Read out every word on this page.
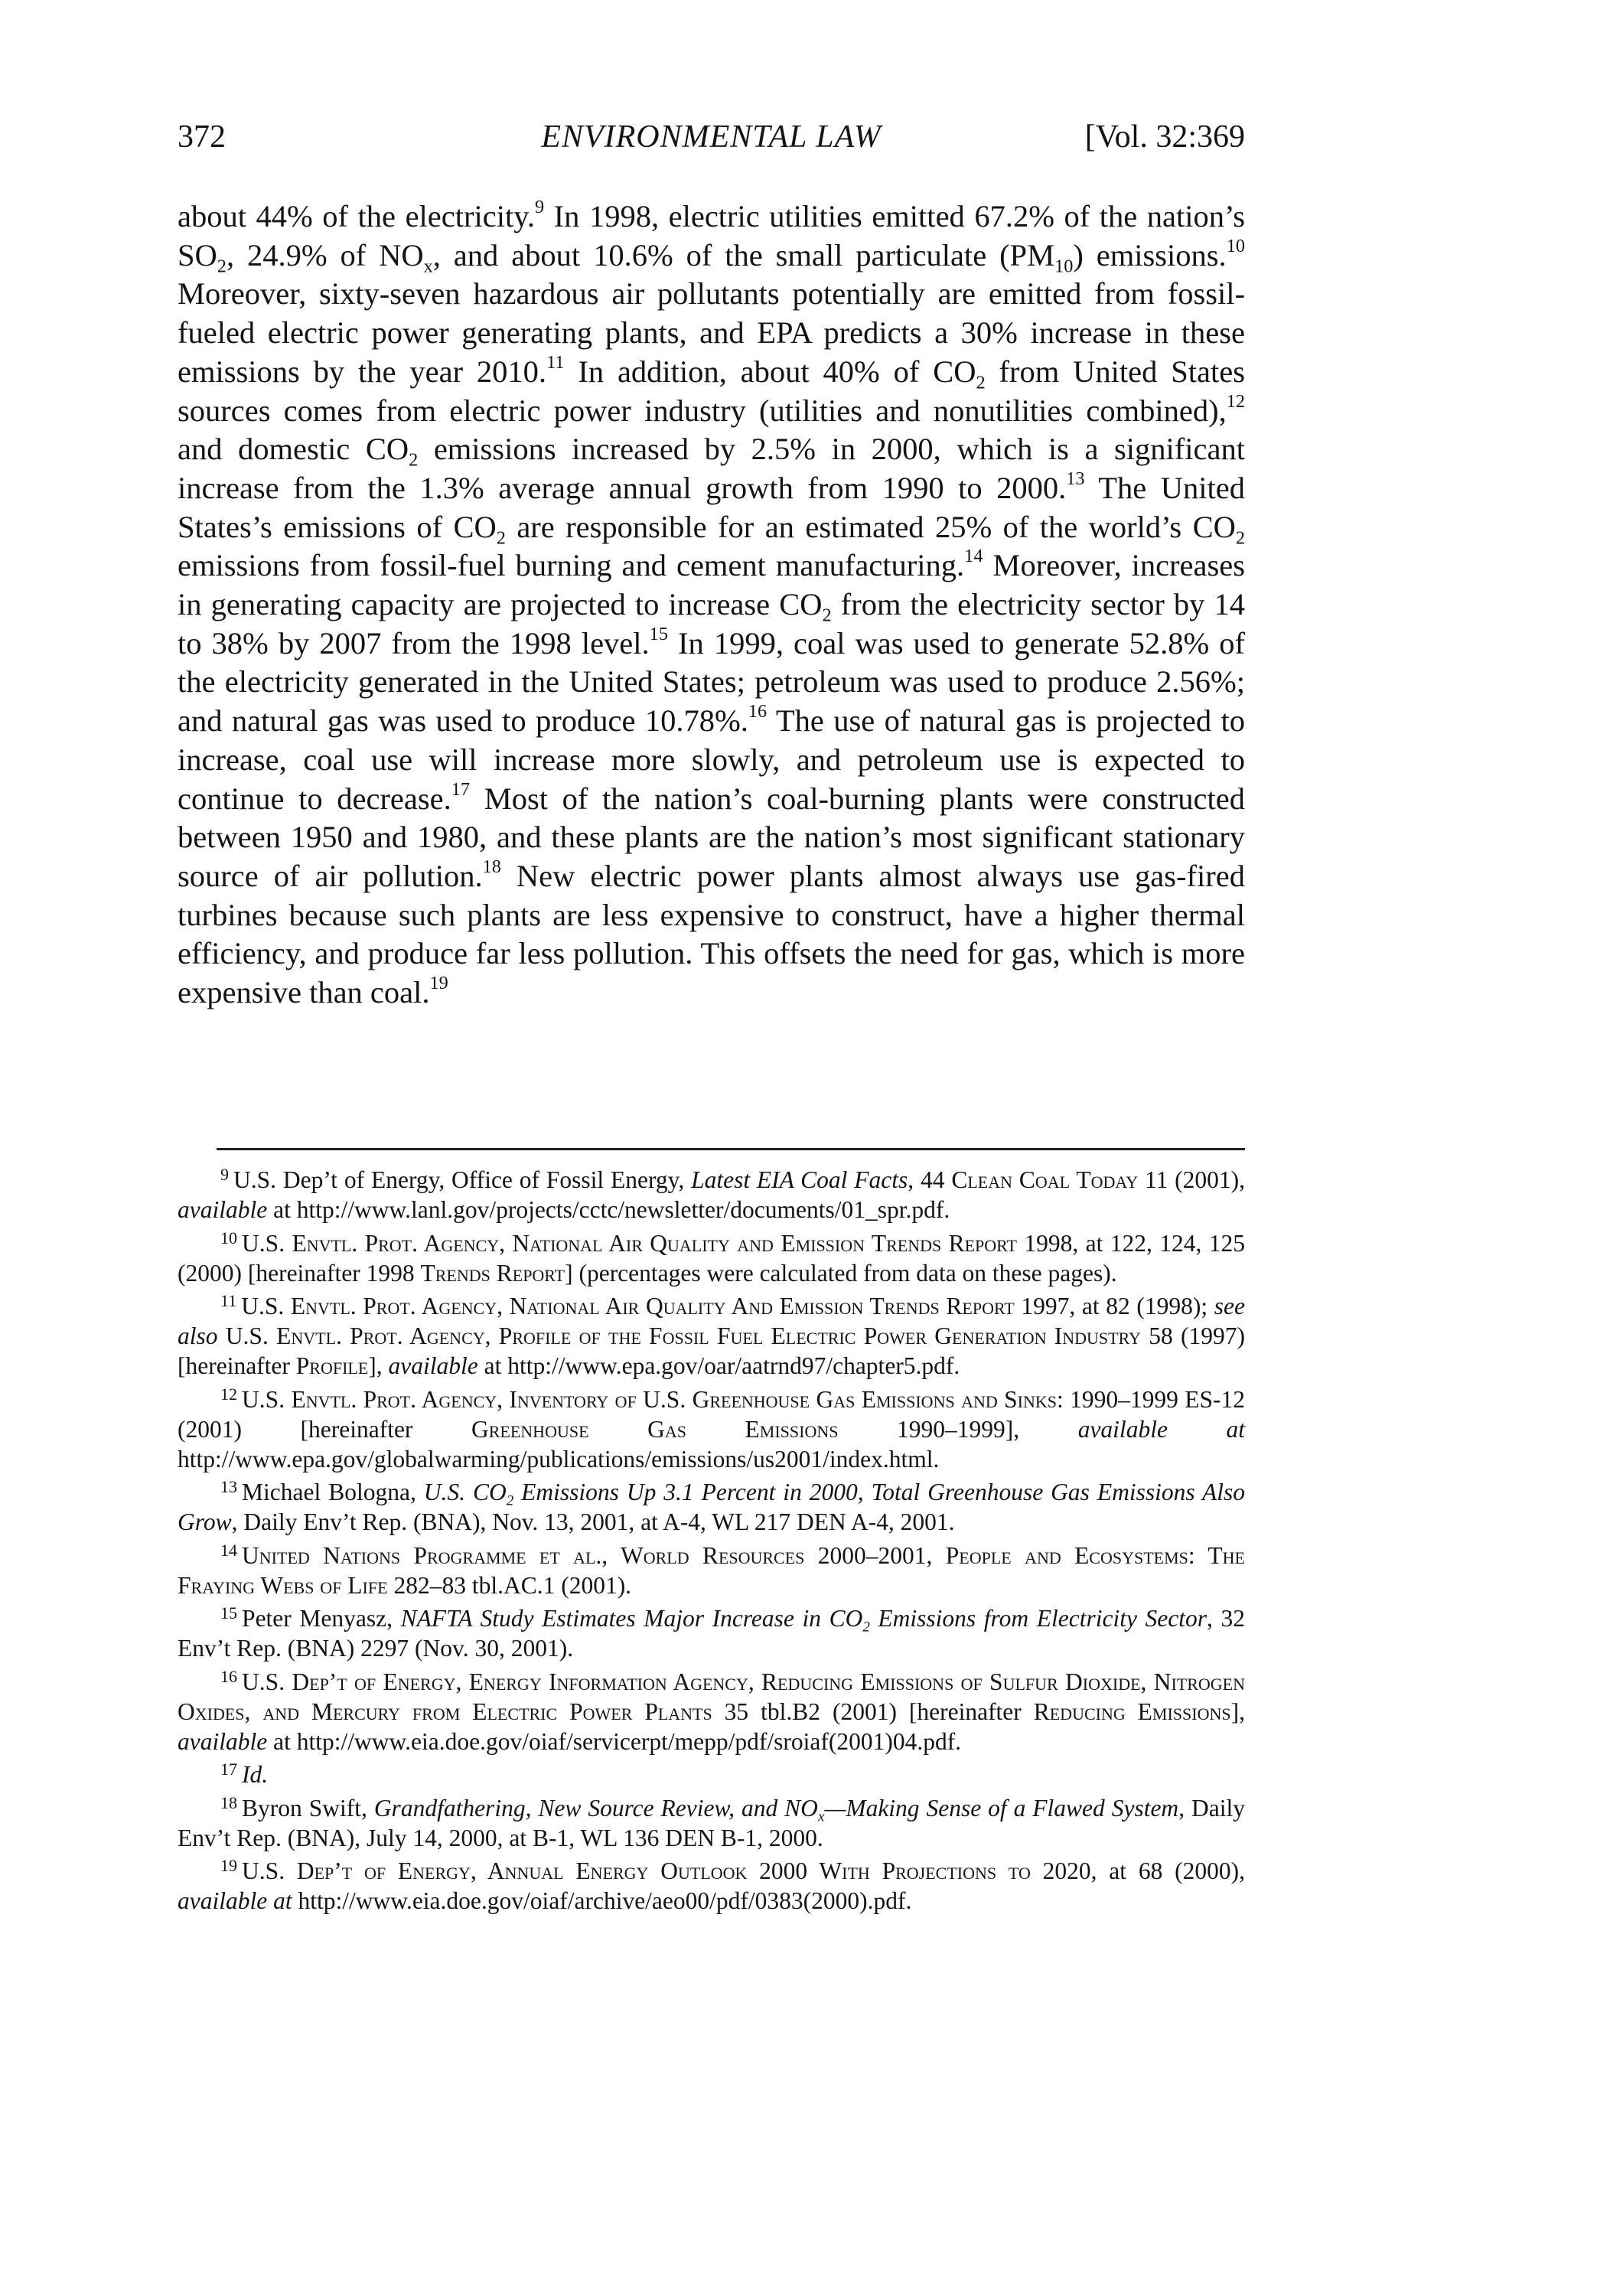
372	ENVIRONMENTAL LAW	[Vol. 32:369

about 44% of the electricity.$^9$ In 1998, electric utilities emitted 67.2% of the nation’s $SO_2$, 24.9% of $NO_x$, and about 10.6% of the small particulate $(PM_{10})$ emissions.$^{10}$ Moreover, sixty-seven hazardous air pollutants potentially are emitted from fossil-fueled electric power generating plants, and EPA predicts a 30% increase in these emissions by the year 2010.11 In addition, about 40% of $CO_2$ from United States sources comes from electric power industry (utilities and nonutilities combined),$^{12}$ and domestic $CO_2$ emissions increased by 2.5% in 2000, which is a significant increase from the 1.3% average annual growth from 1990 to 2000.13 The United States’s emissions of $CO_2$ are responsible for an estimated 25% of the world’s $CO_2$ emissions from fossil-fuel burning and cement manufacturing.$^{14}$ Moreover, increases in generating capacity are projected to increase $CO_2$ from the electricity sector by 14 to 38% by 2007 from the 1998 level.$^{15}$ In 1999, coal was used to generate 52.8% of the electricity generated in the United States; petroleum was used to produce 2.56%; and natural gas was used to produce 10.78%.$^{16}$ The use of natural gas is projected to increase, coal use will increase more slowly, and petroleum use is expected to continue to decrease.$^{17}$ Most of the nation’s coal-burning plants were constructed between 1950 and 1980, and these plants are the nation’s most significant stationary source of air pollution.$^{18}$ New electric power plants almost always use gas-fired turbines because such plants are less expensive to construct, have a higher thermal efficiency, and produce far less pollution. This offsets the need for gas, which is more expensive than coal.$^{19}$

$^9$ U.S. Dep’t of Energy, Office of Fossil Energy, Latest EIA Coal Facts, 44 Clean Coal Today 11 (2001), available at http://www.lanl.gov/projects/cctc/newsletter/documents/01_spr.pdf.
$^{10}$ U.S. Envtl. Prot. Agency, National Air Quality and Emission Trends Report 1998, at 122, 124, 125 (2000) [hereinafter 1998 Trends Report] (percentages were calculated from data on these pages).
$^{11}$ U.S. Envtl. Prot. Agency, National Air Quality And Emission Trends Report 1997, at 82 (1998); see also U.S. Envtl. Prot. Agency, Profile of the Fossil Fuel Electric Power Generation Industry 58 (1997) [hereinafter Profile], available at http://www.epa.gov/oar/aatrnd97/chapter5.pdf.
$^{12}$ U.S. Envtl. Prot. Agency, Inventory of U.S. Greenhouse Gas Emissions and Sinks: 1990–1999 ES-12 (2001) [hereinafter Greenhouse Gas Emissions 1990–1999], available at http://www.epa.gov/globalwarming/publications/emissions/us2001/index.html.
$^{13}$ Michael Bologna, U.S. $CO_2$ Emissions Up 3.1 Percent in 2000, Total Greenhouse Gas Emissions Also Grow, Daily Env’t Rep. (BNA), Nov. 13, 2001, at A-4, WL 217 DEN A-4, 2001.
$^{14}$ United Nations Programme et al., World Resources 2000–2001, People and Ecosystems: The Fraying Webs of Life 282–83 tbl.AC.1 (2001).
$^{15}$ Peter Menyasz, NAFTA Study Estimates Major Increase in $CO_2$ Emissions from Electricity Sector, 32 Env’t Rep. (BNA) 2297 (Nov. 30, 2001).
$^{16}$ U.S. Dep’t of Energy, Energy Information Agency, Reducing Emissions of Sulfur Dioxide, Nitrogen Oxides, and Mercury from Electric Power Plants 35 tbl.B2 (2001) [hereinafter Reducing Emissions], available at http://www.eia.doe.gov/oiaf/servicerpt/mepp/pdf/sroiaf(2001)04.pdf.
$^{17}$ Id.
$^{18}$ Byron Swift, Grandfathering, New Source Review, and $NO_x—Making$ Sense of a Flawed System, Daily Env’t Rep. (BNA), July 14, 2000, at B-1, WL 136 DEN B-1, 2000.
$^{19}$ U.S. Dep’t of Energy, Annual Energy Outlook 2000 With Projections to 2020, at 68 (2000), available at http://www.eia.doe.gov/oiaf/archive/aeo00/pdf/0383(2000).pdf.
